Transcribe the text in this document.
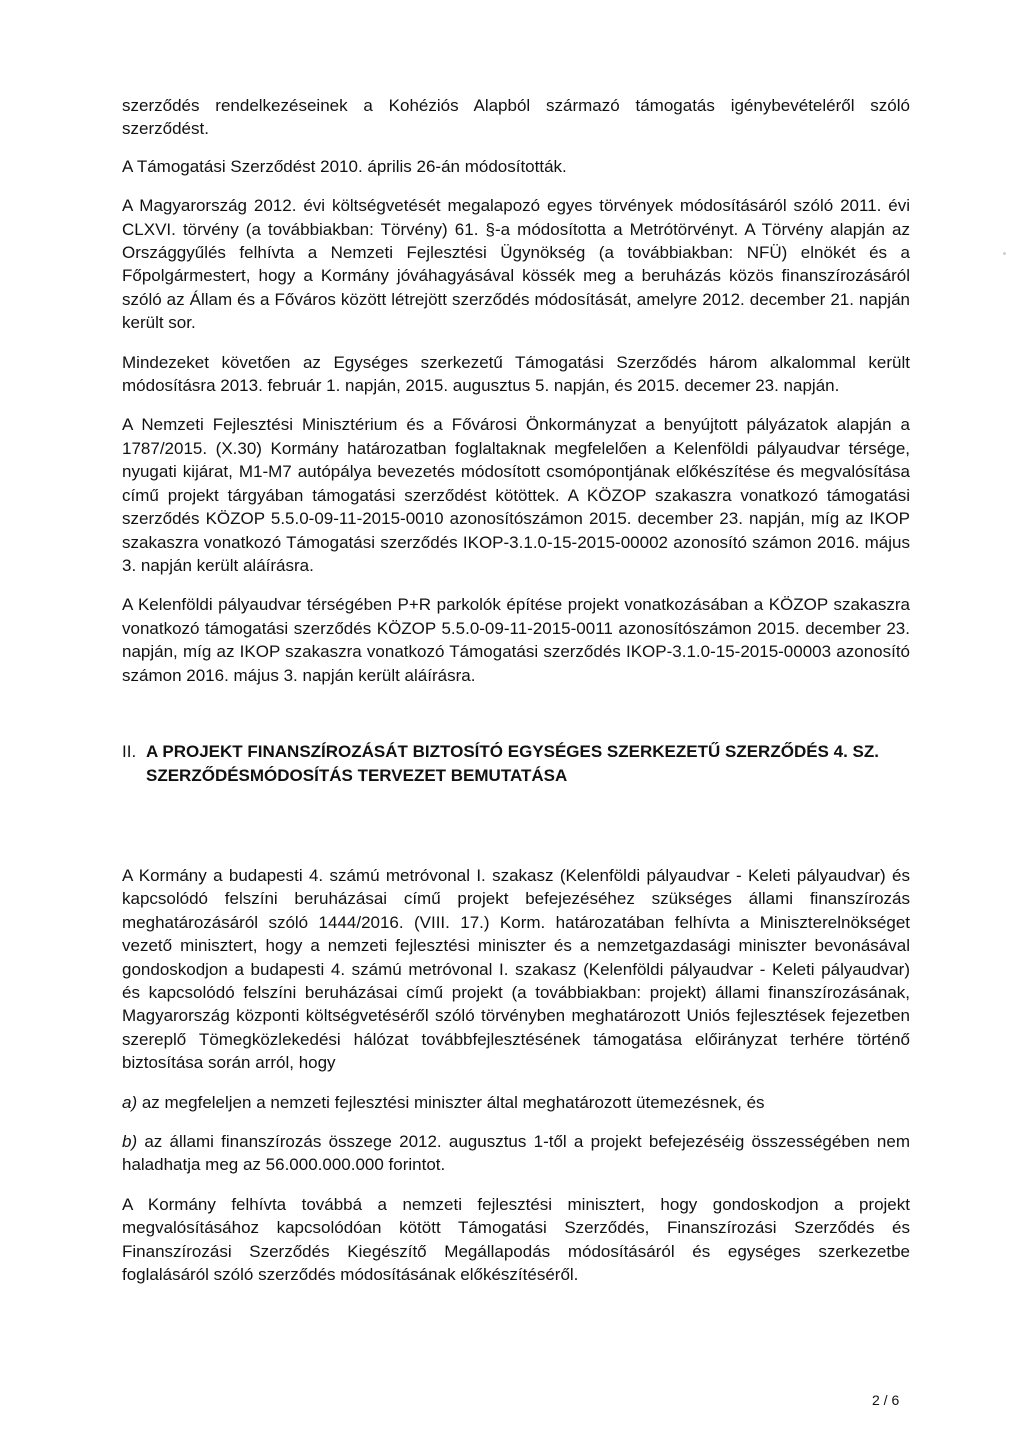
szerződés rendelkezéseinek a Kohéziós Alapból származó támogatás igénybevételéről szóló szerződést.

A Támogatási Szerződést 2010. április 26-án módosították.

A Magyarország 2012. évi költségvetését megalapozó egyes törvények módosításáról szóló 2011. évi CLXVI. törvény (a továbbiakban: Törvény) 61. §-a módosította a Metrótörvényt. A Törvény alapján az Országgyűlés felhívta a Nemzeti Fejlesztési Ügynökség (a továbbiakban: NFÜ) elnökét és a Főpolgármestert, hogy a Kormány jóváhagyásával kössék meg a beruházás közös finanszírozásáról szóló az Állam és a Főváros között létrejött szerződés módosítását, amelyre 2012. december 21. napján került sor.

Mindezeket követően az Egységes szerkezetű Támogatási Szerződés három alkalommal került módosításra 2013. február 1. napján, 2015. augusztus 5. napján, és 2015. decemer 23. napján.

A Nemzeti Fejlesztési Minisztérium és a Fővárosi Önkormányzat a benyújtott pályázatok alapján a 1787/2015. (X.30) Kormány határozatban foglaltaknak megfelelően a Kelenföldi pályaudvar térsége, nyugati kijárat, M1-M7 autópálya bevezetés módosított csomópontjának előkészítése és megvalósítása című projekt tárgyában támogatási szerződést kötöttek. A KÖZOP szakaszra vonatkozó támogatási szerződés KÖZOP 5.5.0-09-11-2015-0010 azonosítószámon 2015. december 23. napján, míg az IKOP szakaszra vonatkozó Támogatási szerződés IKOP-3.1.0-15-2015-00002 azonosító számon 2016. május 3. napján került aláírásra.

A Kelenföldi pályaudvar térségében P+R parkolók építése projekt vonatkozásában a KÖZOP szakaszra vonatkozó támogatási szerződés KÖZOP 5.5.0-09-11-2015-0011 azonosítószámon 2015. december 23. napján, míg az IKOP szakaszra vonatkozó Támogatási szerződés IKOP-3.1.0-15-2015-00003 azonosító számon 2016. május 3. napján került aláírásra.

II. A PROJEKT FINANSZÍROZÁSÁT BIZTOSÍTÓ EGYSÉGES SZERKEZETŰ SZERZŐDÉS 4. SZ. SZERZŐDÉSMÓDOSÍTÁS TERVEZET BEMUTATÁSA

A Kormány a budapesti 4. számú metróvonal I. szakasz (Kelenföldi pályaudvar - Keleti pályaudvar) és kapcsolódó felszíni beruházásai című projekt befejezéséhez szükséges állami finanszírozás meghatározásáról szóló 1444/2016. (VIII. 17.) Korm. határozatában felhívta a Miniszterelnökséget vezető minisztert, hogy a nemzeti fejlesztési miniszter és a nemzetgazdasági miniszter bevonásával gondoskodjon a budapesti 4. számú metróvonal I. szakasz (Kelenföldi pályaudvar - Keleti pályaudvar) és kapcsolódó felszíni beruházásai című projekt (a továbbiakban: projekt) állami finanszírozásának, Magyarország központi költségvetéséről szóló törvényben meghatározott Uniós fejlesztések fejezetben szereplő Tömegközlekedési hálózat továbbfejlesztésének támogatása előirányzat terhére történő biztosítása során arról, hogy

a) az megfeleljen a nemzeti fejlesztési miniszter által meghatározott ütemezésnek, és

b) az állami finanszírozás összege 2012. augusztus 1-től a projekt befejezéséig összességében nem haladhatja meg az 56.000.000.000 forintot.

A Kormány felhívta továbbá a nemzeti fejlesztési minisztert, hogy gondoskodjon a projekt megvalósításához kapcsolódóan kötött Támogatási Szerződés, Finanszírozási Szerződés és Finanszírozási Szerződés Kiegészítő Megállapodás módosításáról és egységes szerkezetbe foglalásáról szóló szerződés módosításának előkészítéséről.

2 / 6
